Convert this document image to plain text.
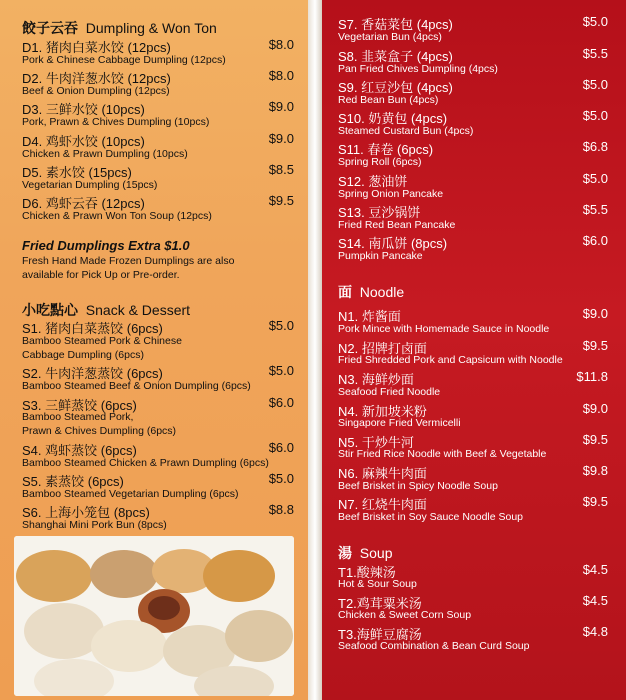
餃子云吞 Dumpling & Won Ton
D1. 猪肉白菜水饺 (12pcs)	$8.0
Pork & Chinese Cabbage Dumpling (12pcs)
D2. 牛肉洋葱水饺 (12pcs)	$8.0
Beef & Onion Dumpling (12pcs)
D3. 三鲜水饺 (10pcs)	$9.0
Pork, Prawn & Chives Dumpling (10pcs)
D4. 鸡虾水饺 (10pcs)	$9.0
Chicken & Prawn Dumpling (10pcs)
D5. 素水饺 (15pcs)	$8.5
Vegetarian Dumpling (15pcs)
D6. 鸡虾云吞 (12pcs)	$9.5
Chicken & Prawn Won Ton Soup (12pcs)
Fried Dumplings Extra $1.0
Fresh Hand Made Frozen Dumplings are also
available for Pick Up or Pre-order.
小吃點心 Snack & Dessert
S1. 猪肉白菜蒸饺 (6pcs)	$5.0
Bamboo Steamed Pork & Chinese
Cabbage Dumpling (6pcs)
S2. 牛肉洋葱蒸饺 (6pcs)	$5.0
Bamboo Steamed Beef & Onion Dumpling (6pcs)
S3. 三鲜蒸饺 (6pcs)	$6.0
Bamboo Steamed Pork,
Prawn & Chives Dumpling (6pcs)
S4. 鸡虾蒸饺 (6pcs)	$6.0
Bamboo Steamed Chicken & Prawn Dumpling (6pcs)
S5. 素蒸饺 (6pcs)	$5.0
Bamboo Steamed Vegetarian Dumpling (6pcs)
S6. 上海小笼包 (8pcs)	$8.8
Shanghai Mini Pork Bun (8pcs)
S7. 香菇菜包 (4pcs)	$5.0
Vegetarian Bun (4pcs)
S8. 韭菜盒子 (4pcs)	$5.5
Pan Fried Chives Dumpling (4pcs)
S9. 红豆沙包 (4pcs)	$5.0
Red Bean Bun (4pcs)
S10. 奶黄包 (4pcs)	$5.0
Steamed Custard Bun (4pcs)
S11. 春卷 (6pcs)	$6.8
Spring Roll (6pcs)
S12. 葱油饼	$5.0
Spring Onion Pancake
S13. 豆沙锅饼	$5.5
Fried Red Bean Pancake
S14. 南瓜饼 (8pcs)	$6.0
Pumpkin Pancake
面 Noodle
N1. 炸酱面	$9.0
Pork Mince with Homemade Sauce in Noodle
N2. 招牌打卤面	$9.5
Fried Shredded Pork and Capsicum with Noodle
N3. 海鲜炒面	$11.8
Seafood Fried Noodle
N4. 新加坡米粉	$9.0
Singapore Fried Vermicelli
N5. 干炒牛河	$9.5
Stir Fried Rice Noodle with Beef & Vegetable
N6. 麻辣牛肉面	$9.8
Beef Brisket in Spicy Noodle Soup
N7. 红烧牛肉面	$9.5
Beef Brisket in Soy Sauce Noodle Soup
湯 Soup
T1.酸辣汤	$4.5
Hot & Sour Soup
T2.鸡茸粟米汤	$4.5
Chicken & Sweet Corn Soup
T3.海鲜豆腐汤	$4.8
Seafood Combination & Bean Curd Soup
